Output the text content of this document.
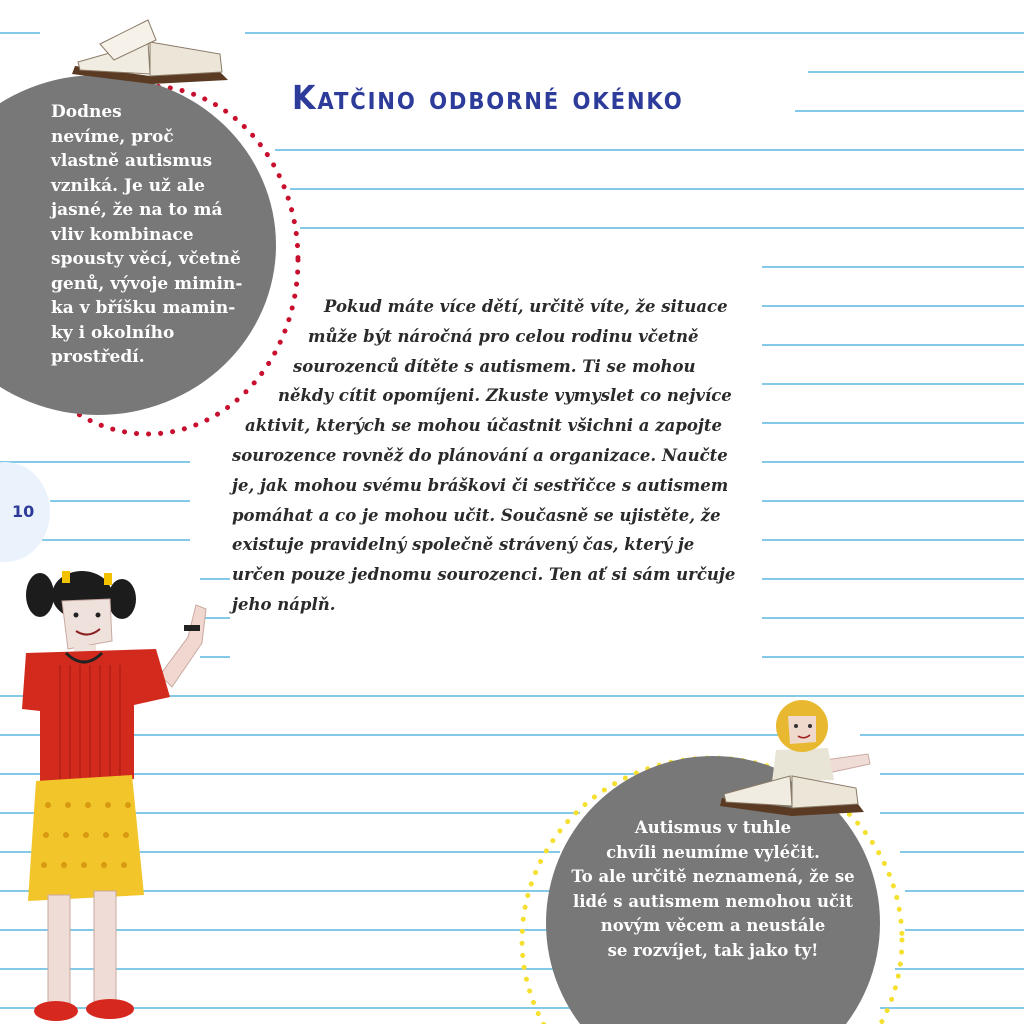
10
Katčino odborné okénko
Dodnes
nevíme, proč
vlastně autismus
vzniká. Je už ale
jasné, že na to má
vliv kombinace
spousty věcí, včetně
genů, vývoje mimin-
ka v bříšku mamin-
ky i okolního
prostředí.
Pokud máte více dětí, určitě víte, že situace
může být náročná pro celou rodinu včetně
sourozenců dítěte s autismem. Ti se mohou
někdy cítit opomíjeni. Zkuste vymyslet co nejvíce
aktivit, kterých se mohou účastnit všichni a zapojte
sourozence rovněž do plánování a organizace. Naučte
je, jak mohou svému bráškovi či sestřičce s autismem
pomáhat a co je mohou učit. Současně se ujistěte, že
existuje pravidelný společně strávený čas, který je
určen pouze jednomu sourozenci. Ten ať si sám určuje
jeho náplň.
Autismus v tuhle
chvíli neumíme vyléčit.
To ale určitě neznamená, že se
lidé s autismem nemohou učit
novým věcem a neustále
se rozvíjet, tak jako ty!
